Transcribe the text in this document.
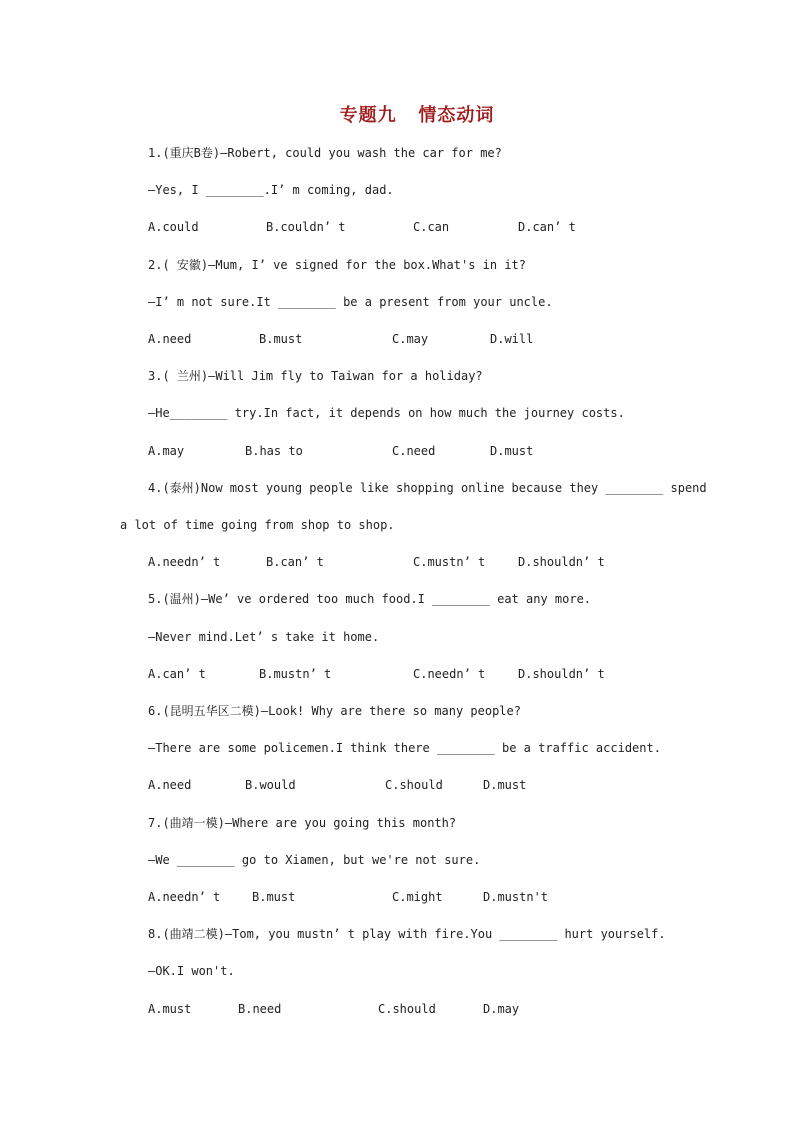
专题九   情态动词
1.(重庆B卷)—Robert, could you wash the car for me?
—Yes, I ________.I’ m coming, dad.
A.could	B.couldn’ t	C.can	D.can’ t
2.( 安徽)—Mum, I’ ve signed for the box.What's in it?
—I’ m not sure.It ________ be a present from your uncle.
A.need	B.must	C.may	D.will
3.( 兰州)—Will Jim fly to Taiwan for a holiday?
—He________ try.In fact, it depends on how much the journey costs.
A.may	B.has to	C.need	D.must
4.(泰州)Now most young people like shopping online because they ________ spend
a lot of time going from shop to shop.
A.needn’ t	B.can’ t	C.mustn’ t	D.shouldn’ t
5.(温州)—We’ ve ordered too much food.I ________ eat any more.
—Never mind.Let’ s take it home.
A.can’ t	B.mustn’ t	C.needn’ t	D.shouldn’ t
6.(昆明五华区二模)—Look! Why are there so many people?
—There are some policemen.I think there ________ be a traffic accident.
A.need	B.would	C.should	D.must
7.(曲靖一模)—Where are you going this month?
—We ________ go to Xiamen, but we're not sure.
A.needn’ t	B.must	C.might	D.mustn't
8.(曲靖二模)—Tom, you mustn’ t play with fire.You ________ hurt yourself.
—OK.I won't.
A.must	B.need	C.should	D.may
